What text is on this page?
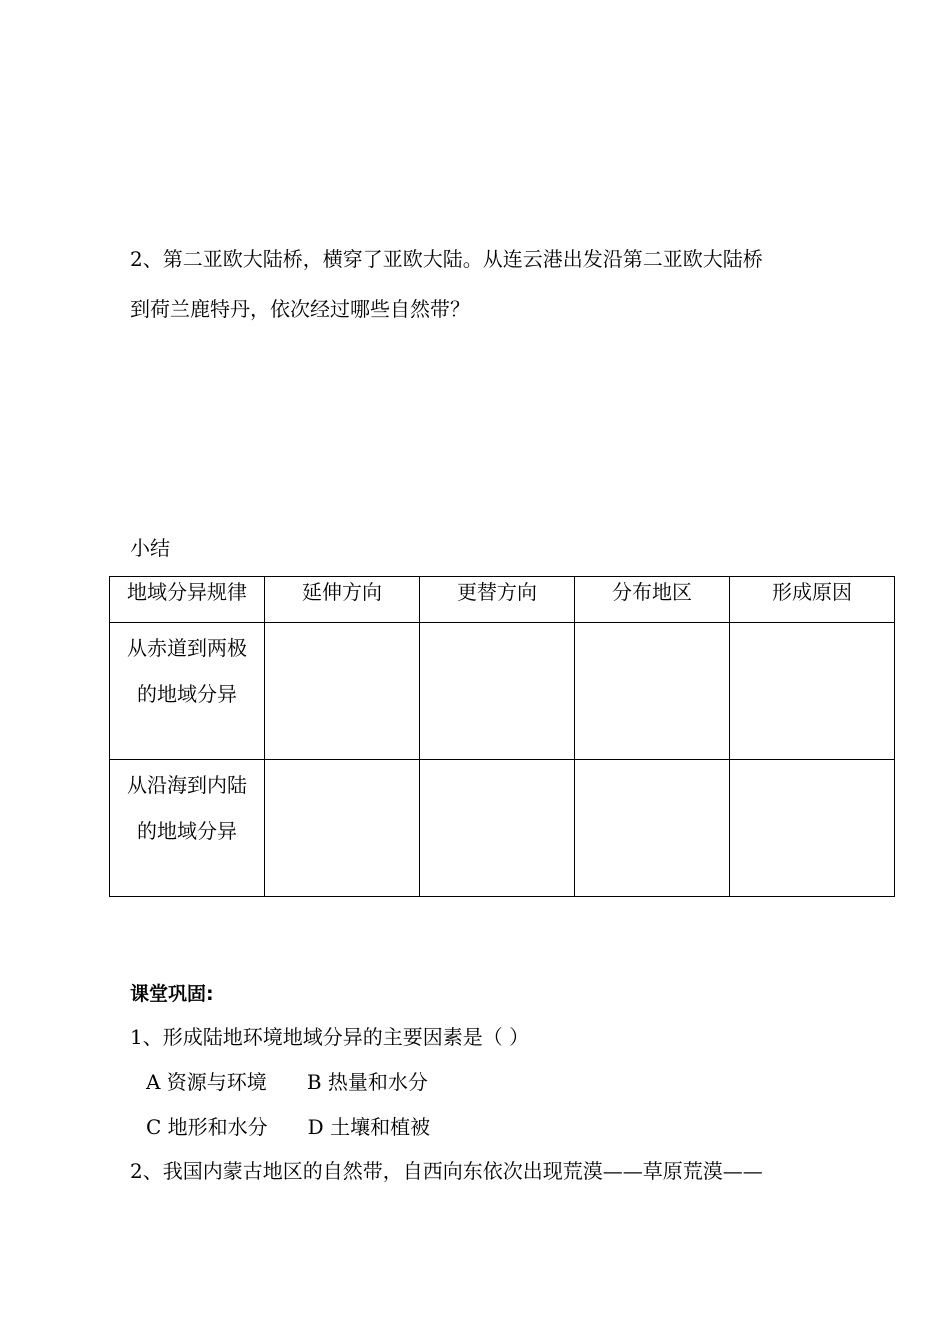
2、第二亚欧大陆桥，横穿了亚欧大陆。从连云港出发沿第二亚欧大陆桥
到荷兰鹿特丹，依次经过哪些自然带？
小结
地域分异规律	延伸方向	更替方向	分布地区	形成原因

从赤道到两极
的地域分异				

从沿海到内陆
的地域分异				

课堂巩固:
1、形成陆地环境地域分异的主要因素是（ ）
A 资源与环境 B 热量和水分
C 地形和水分 D 土壤和植被
2、我国内蒙古地区的自然带，自西向东依次出现荒漠——草原荒漠——
